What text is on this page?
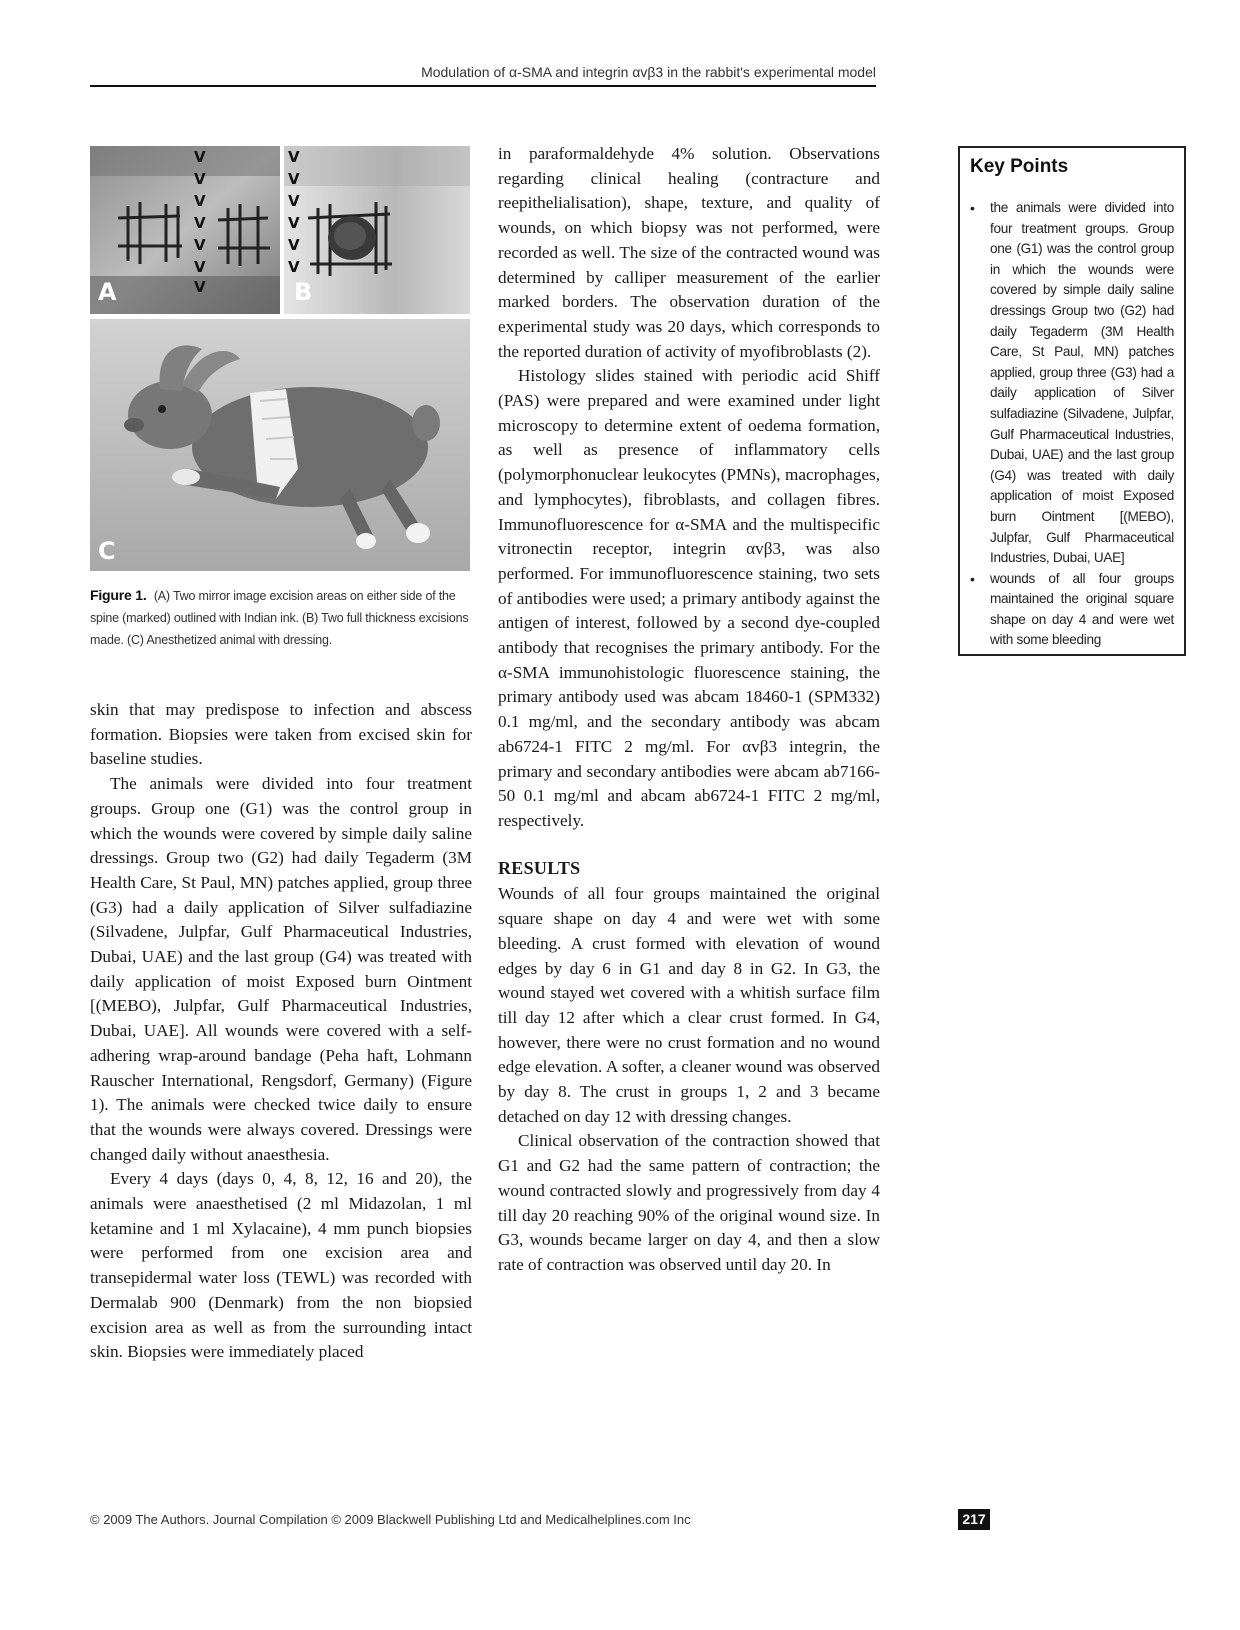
Modulation of α-SMA and integrin αvβ3 in the rabbit's experimental model
V
V
V
V
V
V
V
A
V
V
V
V
V
V
B
C
Figure 1. (A) Two mirror image excision areas on either side of the spine (marked) outlined with Indian ink. (B) Two full thickness excisions made. (C) Anesthetized animal with dressing.

skin that may predispose to infection and abscess formation. Biopsies were taken from excised skin for baseline studies.

The animals were divided into four treatment groups. Group one (G1) was the control group in which the wounds were covered by simple daily saline dressings. Group two (G2) had daily Tegaderm (3M Health Care, St Paul, MN) patches applied, group three (G3) had a daily application of Silver sulfadiazine (Silvadene, Julpfar, Gulf Pharmaceutical Industries, Dubai, UAE) and the last group (G4) was treated with daily application of moist Exposed burn Ointment [(MEBO), Julpfar, Gulf Pharmaceutical Industries, Dubai, UAE]. All wounds were covered with a self-adhering wrap-around bandage (Peha haft, Lohmann Rauscher International, Rengsdorf, Germany) (Figure 1). The animals were checked twice daily to ensure that the wounds were always covered. Dressings were changed daily without anaesthesia.

Every 4 days (days 0, 4, 8, 12, 16 and 20), the animals were anaesthetised (2 ml Midazolan, 1 ml ketamine and 1 ml Xylacaine), 4 mm punch biopsies were performed from one excision area and transepidermal water loss (TEWL) was recorded with Dermalab 900 (Denmark) from the non biopsied excision area as well as from the surrounding intact skin. Biopsies were immediately placed

in paraformaldehyde 4% solution. Observations regarding clinical healing (contracture and reepithelialisation), shape, texture, and quality of wounds, on which biopsy was not performed, were recorded as well. The size of the contracted wound was determined by calliper measurement of the earlier marked borders. The observation duration of the experimental study was 20 days, which corresponds to the reported duration of activity of myofibroblasts (2).

Histology slides stained with periodic acid Shiff (PAS) were prepared and were examined under light microscopy to determine extent of oedema formation, as well as presence of inflammatory cells (polymorphonuclear leukocytes (PMNs), macrophages, and lymphocytes), fibroblasts, and collagen fibres. Immunofluorescence for α-SMA and the multispecific vitronectin receptor, integrin αvβ3, was also performed. For immunofluorescence staining, two sets of antibodies were used; a primary antibody against the antigen of interest, followed by a second dye-coupled antibody that recognises the primary antibody. For the α-SMA immunohistologic fluorescence staining, the primary antibody used was abcam 18460-1 (SPM332) 0.1 mg/ml, and the secondary antibody was abcam ab6724-1 FITC 2 mg/ml. For αvβ3 integrin, the primary and secondary antibodies were abcam ab7166-50 0.1 mg/ml and abcam ab6724-1 FITC 2 mg/ml, respectively.

RESULTS

Wounds of all four groups maintained the original square shape on day 4 and were wet with some bleeding. A crust formed with elevation of wound edges by day 6 in G1 and day 8 in G2. In G3, the wound stayed wet covered with a whitish surface film till day 12 after which a clear crust formed. In G4, however, there were no crust formation and no wound edge elevation. A softer, a cleaner wound was observed by day 8. The crust in groups 1, 2 and 3 became detached on day 12 with dressing changes.

Clinical observation of the contraction showed that G1 and G2 had the same pattern of contraction; the wound contracted slowly and progressively from day 4 till day 20 reaching 90% of the original wound size. In G3, wounds became larger on day 4, and then a slow rate of contraction was observed until day 20. In

Key Points
• the animals were divided into four treatment groups. Group one (G1) was the control group in which the wounds were covered by simple daily saline dressings Group two (G2) had daily Tegaderm (3M Health Care, St Paul, MN) patches applied, group three (G3) had a daily application of Silver sulfadiazine (Silvadene, Julpfar, Gulf Pharmaceutical Industries, Dubai, UAE) and the last group (G4) was treated with daily application of moist Exposed burn Ointment [(MEBO), Julpfar, Gulf Pharmaceutical Industries, Dubai, UAE]
• wounds of all four groups maintained the original square shape on day 4 and were wet with some bleeding
© 2009 The Authors. Journal Compilation © 2009 Blackwell Publishing Ltd and Medicalhelplines.com Inc	217
